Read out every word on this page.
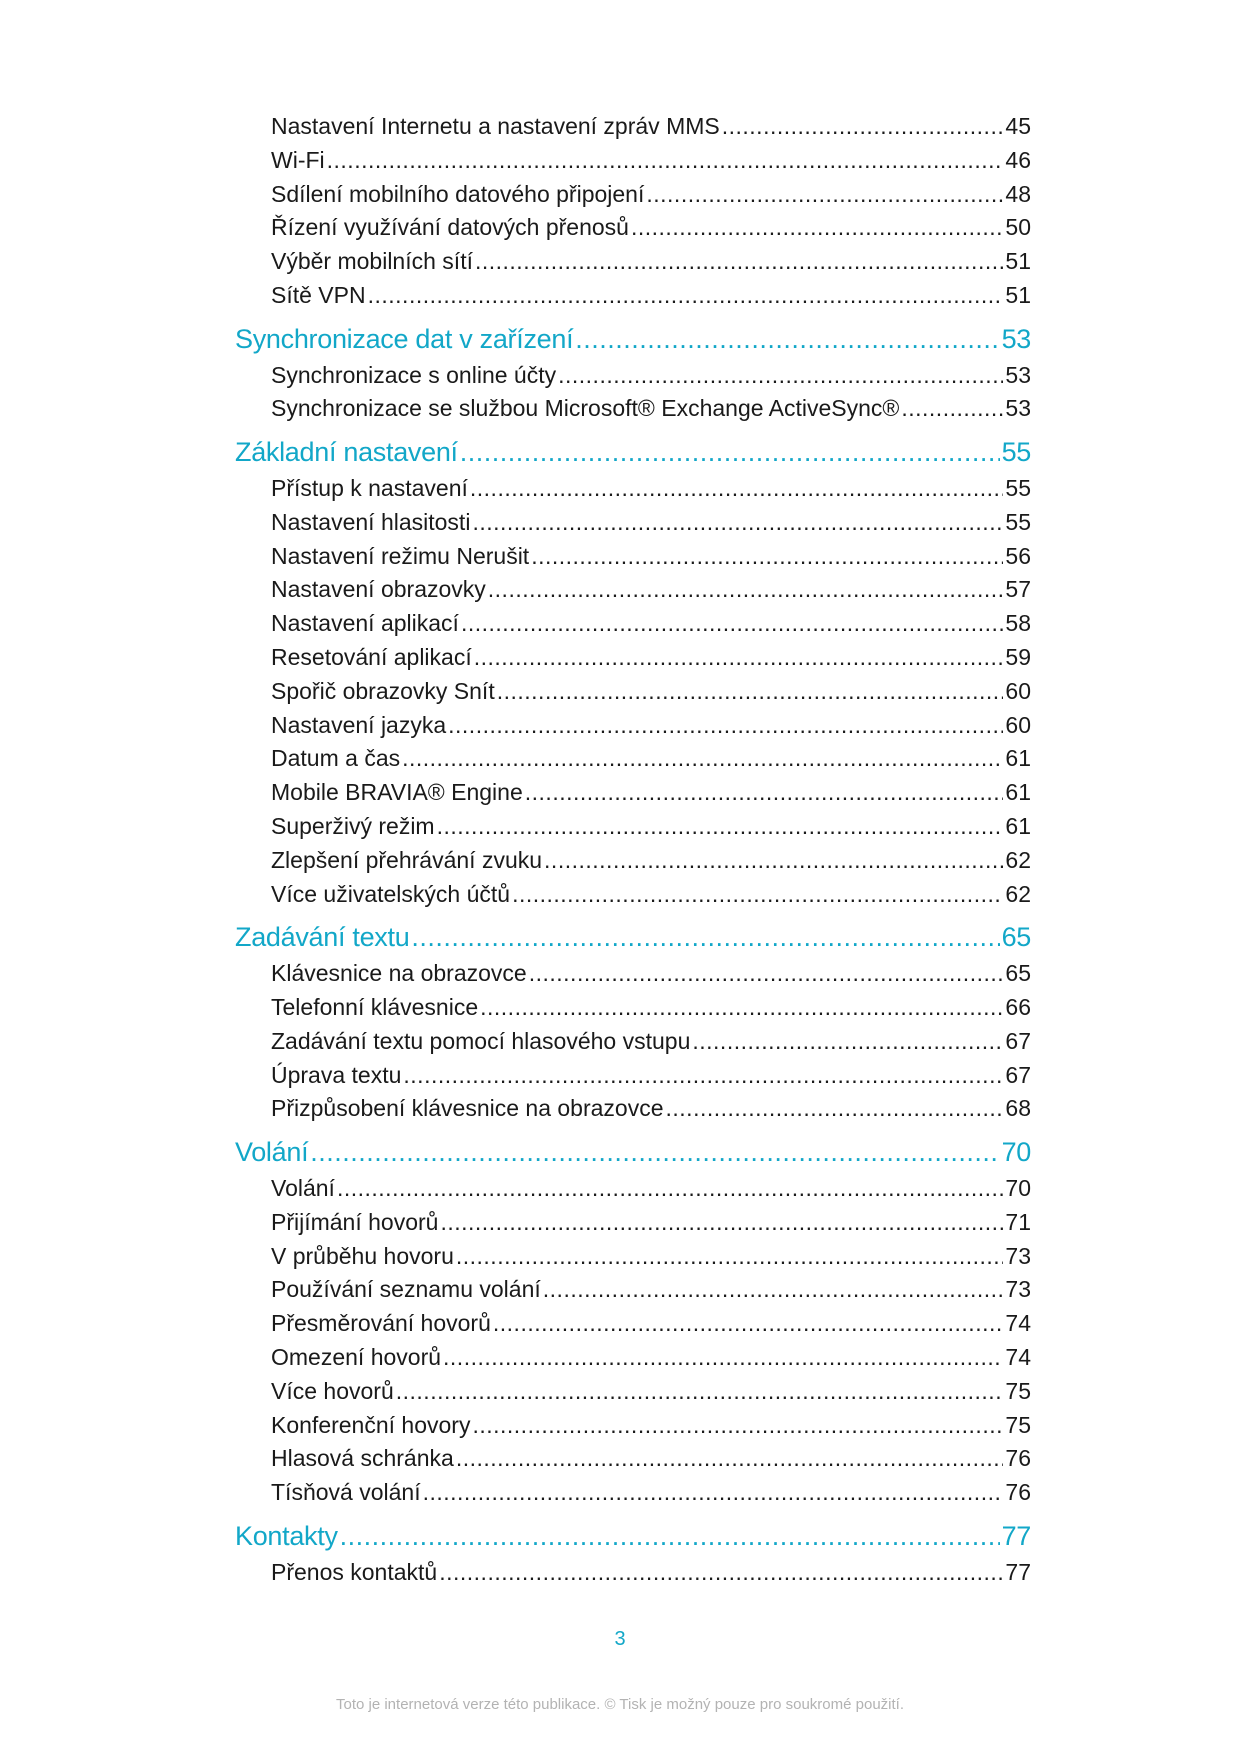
Nastavení Internetu a nastavení zpráv MMS .....	45
Wi-Fi .....	46
Sdílení mobilního datového připojení .....	48
Řízení využívání datových přenosů .....	50
Výběr mobilních sítí .....	51
Sítě VPN .....	51
Synchronizace dat v zařízení .....	53
Synchronizace s online účty .....	53
Synchronizace se službou Microsoft® Exchange ActiveSync® .....	53
Základní nastavení .....	55
Přístup k nastavení .....	55
Nastavení hlasitosti .....	55
Nastavení režimu Nerušit .....	56
Nastavení obrazovky .....	57
Nastavení aplikací .....	58
Resetování aplikací .....	59
Spořič obrazovky Snít .....	60
Nastavení jazyka .....	60
Datum a čas .....	61
Mobile BRAVIA® Engine .....	61
Superživý režim .....	61
Zlepšení přehrávání zvuku .....	62
Více uživatelských účtů .....	62
Zadávání textu .....	65
Klávesnice na obrazovce .....	65
Telefonní klávesnice .....	66
Zadávání textu pomocí hlasového vstupu .....	67
Úprava textu .....	67
Přizpůsobení klávesnice na obrazovce .....	68
Volání .....	70
Volání .....	70
Přijímání hovorů .....	71
V průběhu hovoru .....	73
Používání seznamu volání .....	73
Přesměrování hovorů .....	74
Omezení hovorů .....	74
Více hovorů .....	75
Konferenční hovory .....	75
Hlasová schránka .....	76
Tísňová volání .....	76
Kontakty .....	77
Přenos kontaktů .....	77
3
Toto je internetová verze této publikace. © Tisk je možný pouze pro soukromé použití.
